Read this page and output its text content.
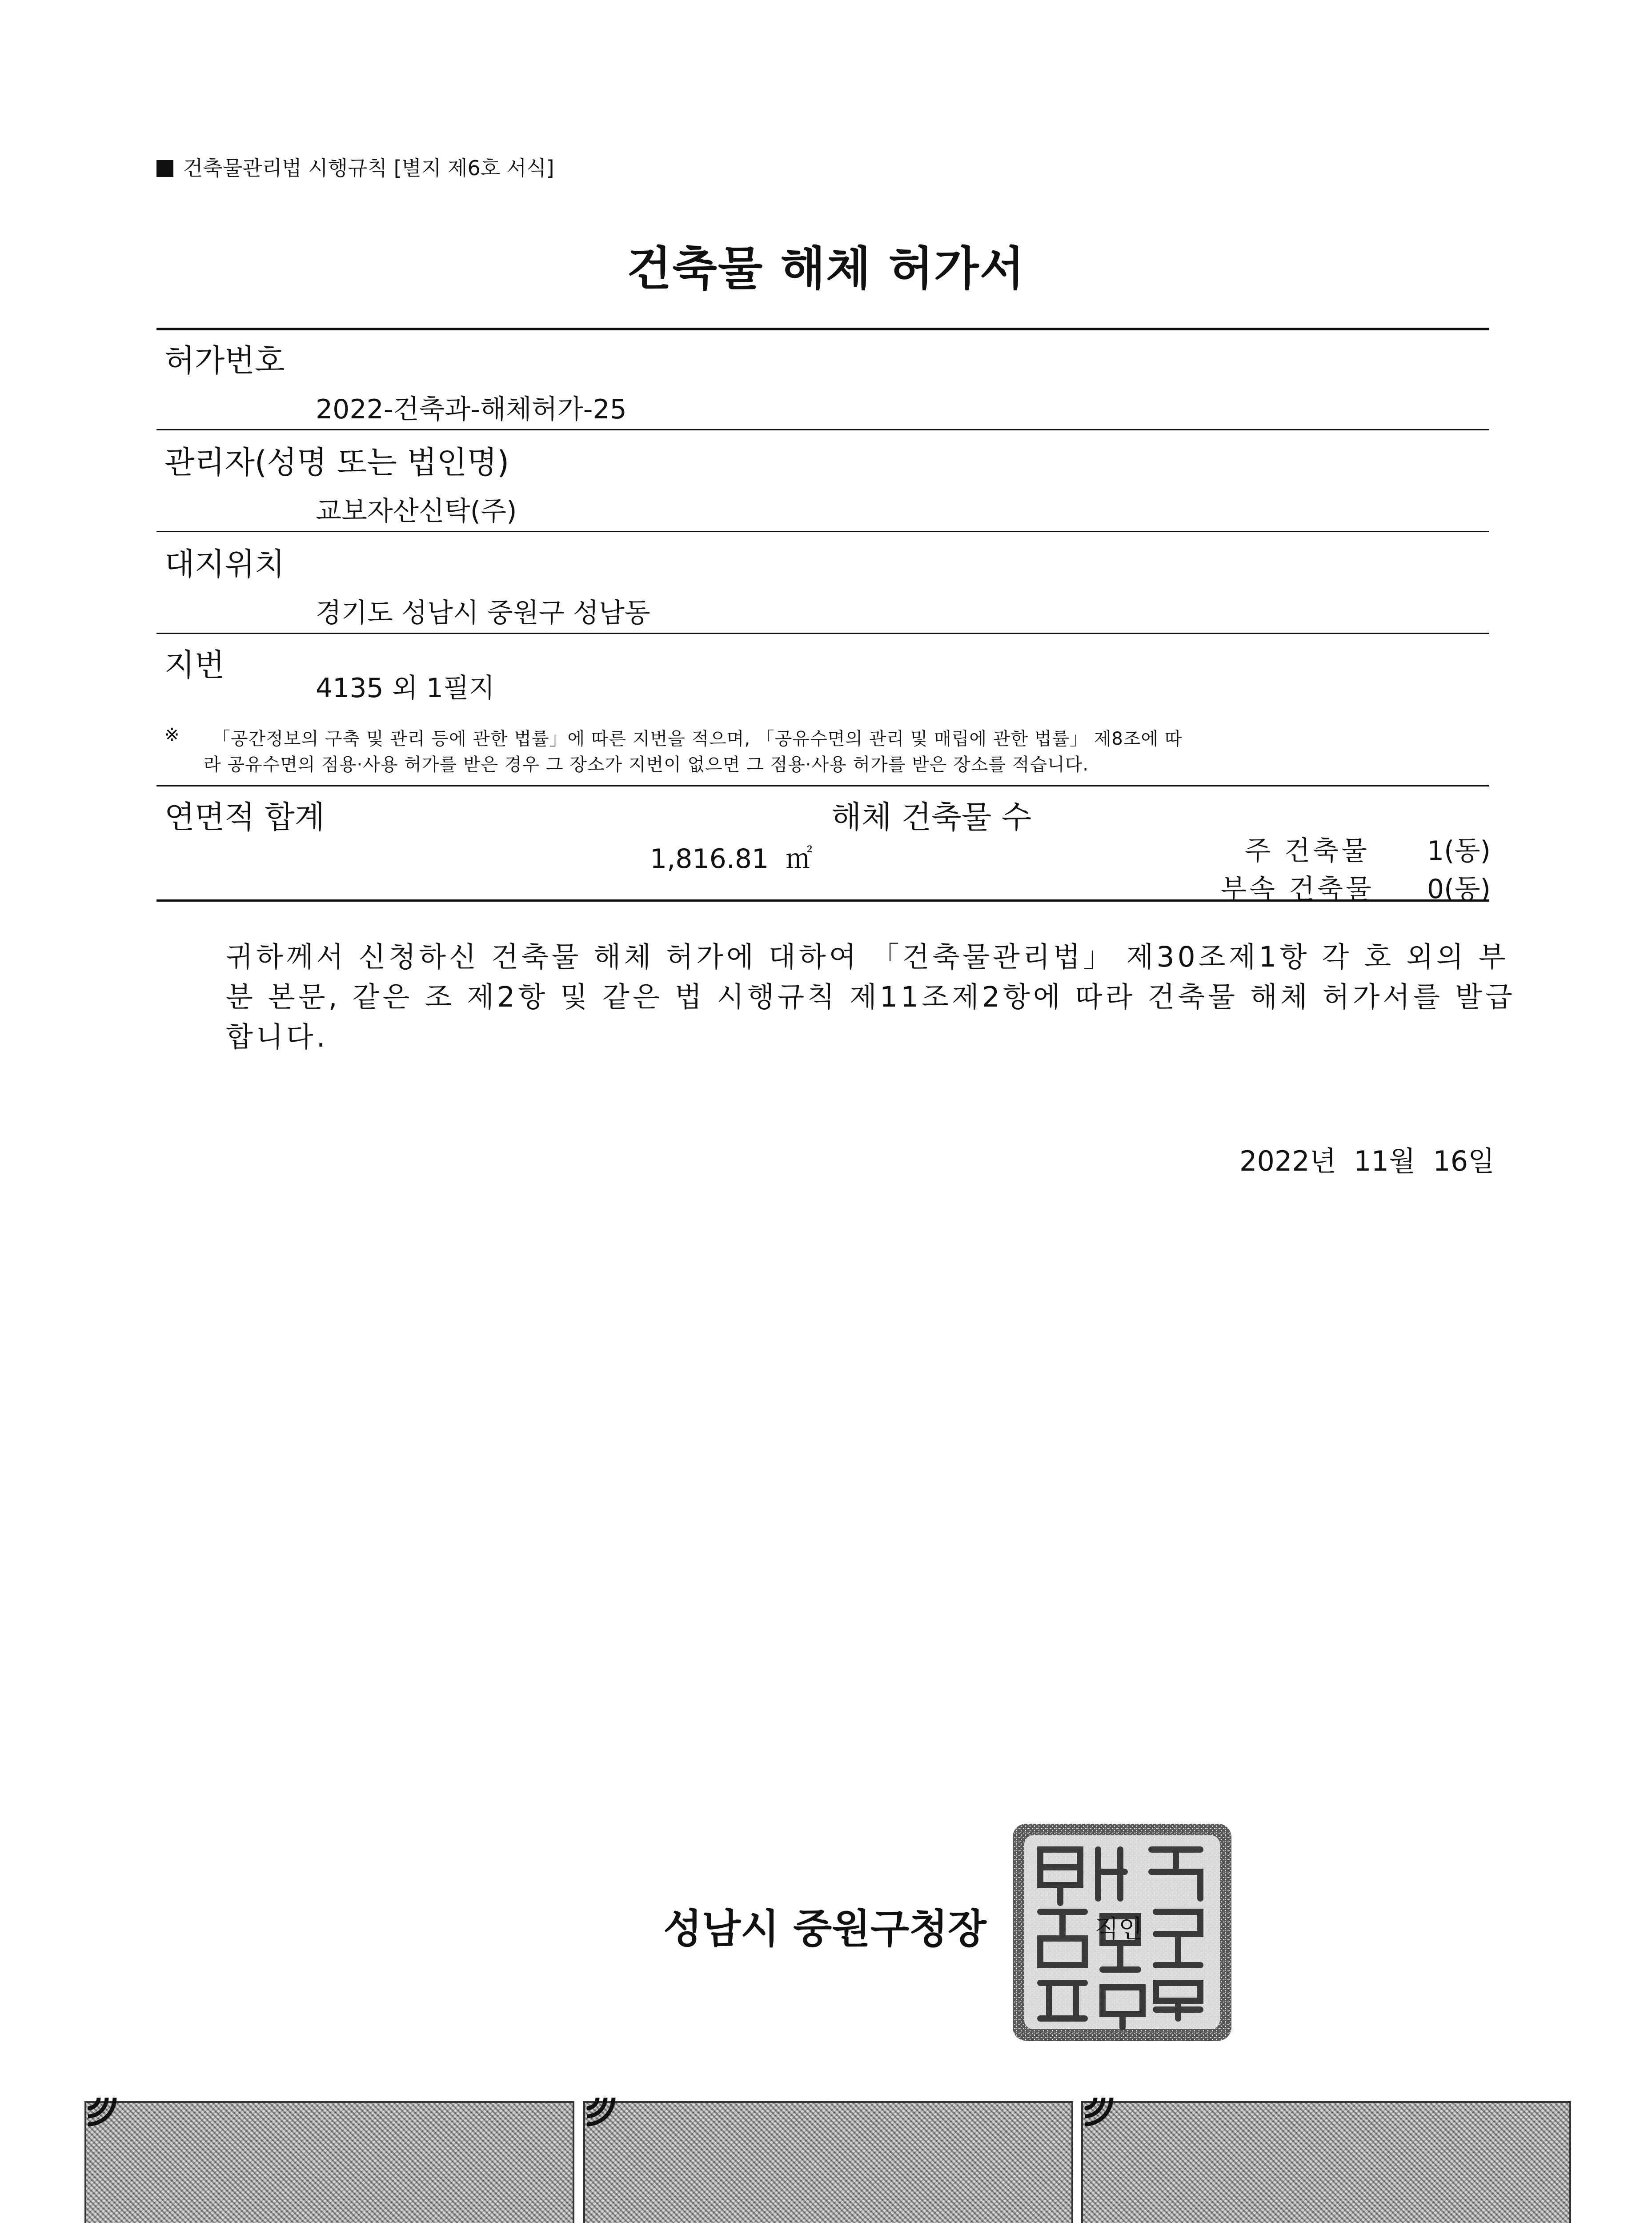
건축물관리법 시행규칙 [별지 제6호 서식]
건축물 해체 허가서
허가번호
2022-건축과-해체허가-25
관리자(성명 또는 법인명)
교보자산신탁(주)
대지위치
경기도 성남시 중원구 성남동
지번
4135 외 1필지
※ 「공간정보의 구축 및 관리 등에 관한 법률」에 따른 지번을 적으며, 「공유수면의 관리 및 매립에 관한 법률」 제8조에 따
라 공유수면의 점용·사용 허가를 받은 경우 그 장소가 지번이 없으면 그 점용·사용 허가를 받은 장소를 적습니다.
연면적 합계
1,816.81 ㎡
해체 건축물 수
주 건축물 1(동)
부속 건축물 0(동)
귀하께서 신청하신 건축물 해체 허가에 대하여 「건축물관리법」 제30조제1항 각 호 외의 부
분 본문, 같은 조 제2항 및 같은 법 시행규칙 제11조제2항에 따라 건축물 해체 허가서를 발급
합니다.
2022년  11월  16일
성남시 중원구청장	직인
